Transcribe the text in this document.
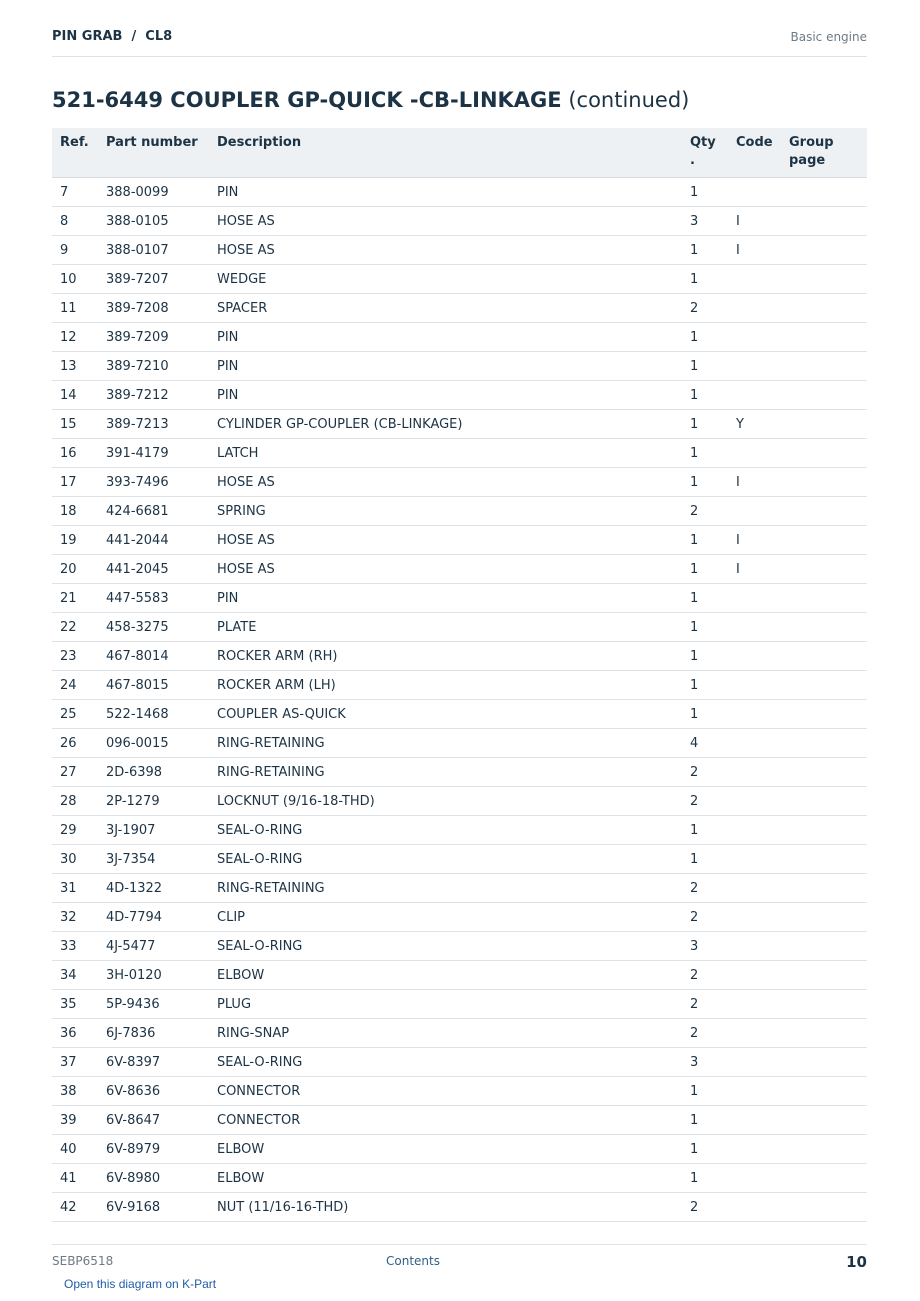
PIN GRAB  /  CL8	Basic engine
521-6449 COUPLER GP-QUICK -CB-LINKAGE (continued)
Ref.	Part number	Description	Qty .	Code	Group page
7	388-0099	PIN	1		
8	388-0105	HOSE AS	3	I	
9	388-0107	HOSE AS	1	I	
10	389-7207	WEDGE	1		
11	389-7208	SPACER	2		
12	389-7209	PIN	1		
13	389-7210	PIN	1		
14	389-7212	PIN	1		
15	389-7213	CYLINDER GP-COUPLER (CB-LINKAGE)	1	Y	
16	391-4179	LATCH	1		
17	393-7496	HOSE AS	1	I	
18	424-6681	SPRING	2		
19	441-2044	HOSE AS	1	I	
20	441-2045	HOSE AS	1	I	
21	447-5583	PIN	1		
22	458-3275	PLATE	1		
23	467-8014	ROCKER ARM (RH)	1		
24	467-8015	ROCKER ARM (LH)	1		
25	522-1468	COUPLER AS-QUICK	1		
26	096-0015	RING-RETAINING	4		
27	2D-6398	RING-RETAINING	2		
28	2P-1279	LOCKNUT (9/16-18-THD)	2		
29	3J-1907	SEAL-O-RING	1		
30	3J-7354	SEAL-O-RING	1		
31	4D-1322	RING-RETAINING	2		
32	4D-7794	CLIP	2		
33	4J-5477	SEAL-O-RING	3		
34	3H-0120	ELBOW	2		
35	5P-9436	PLUG	2		
36	6J-7836	RING-SNAP	2		
37	6V-8397	SEAL-O-RING	3		
38	6V-8636	CONNECTOR	1		
39	6V-8647	CONNECTOR	1		
40	6V-8979	ELBOW	1		
41	6V-8980	ELBOW	1		
42	6V-9168	NUT (11/16-16-THD)	2		
SEBP6518	Contents	10
Open this diagram on K-Part
